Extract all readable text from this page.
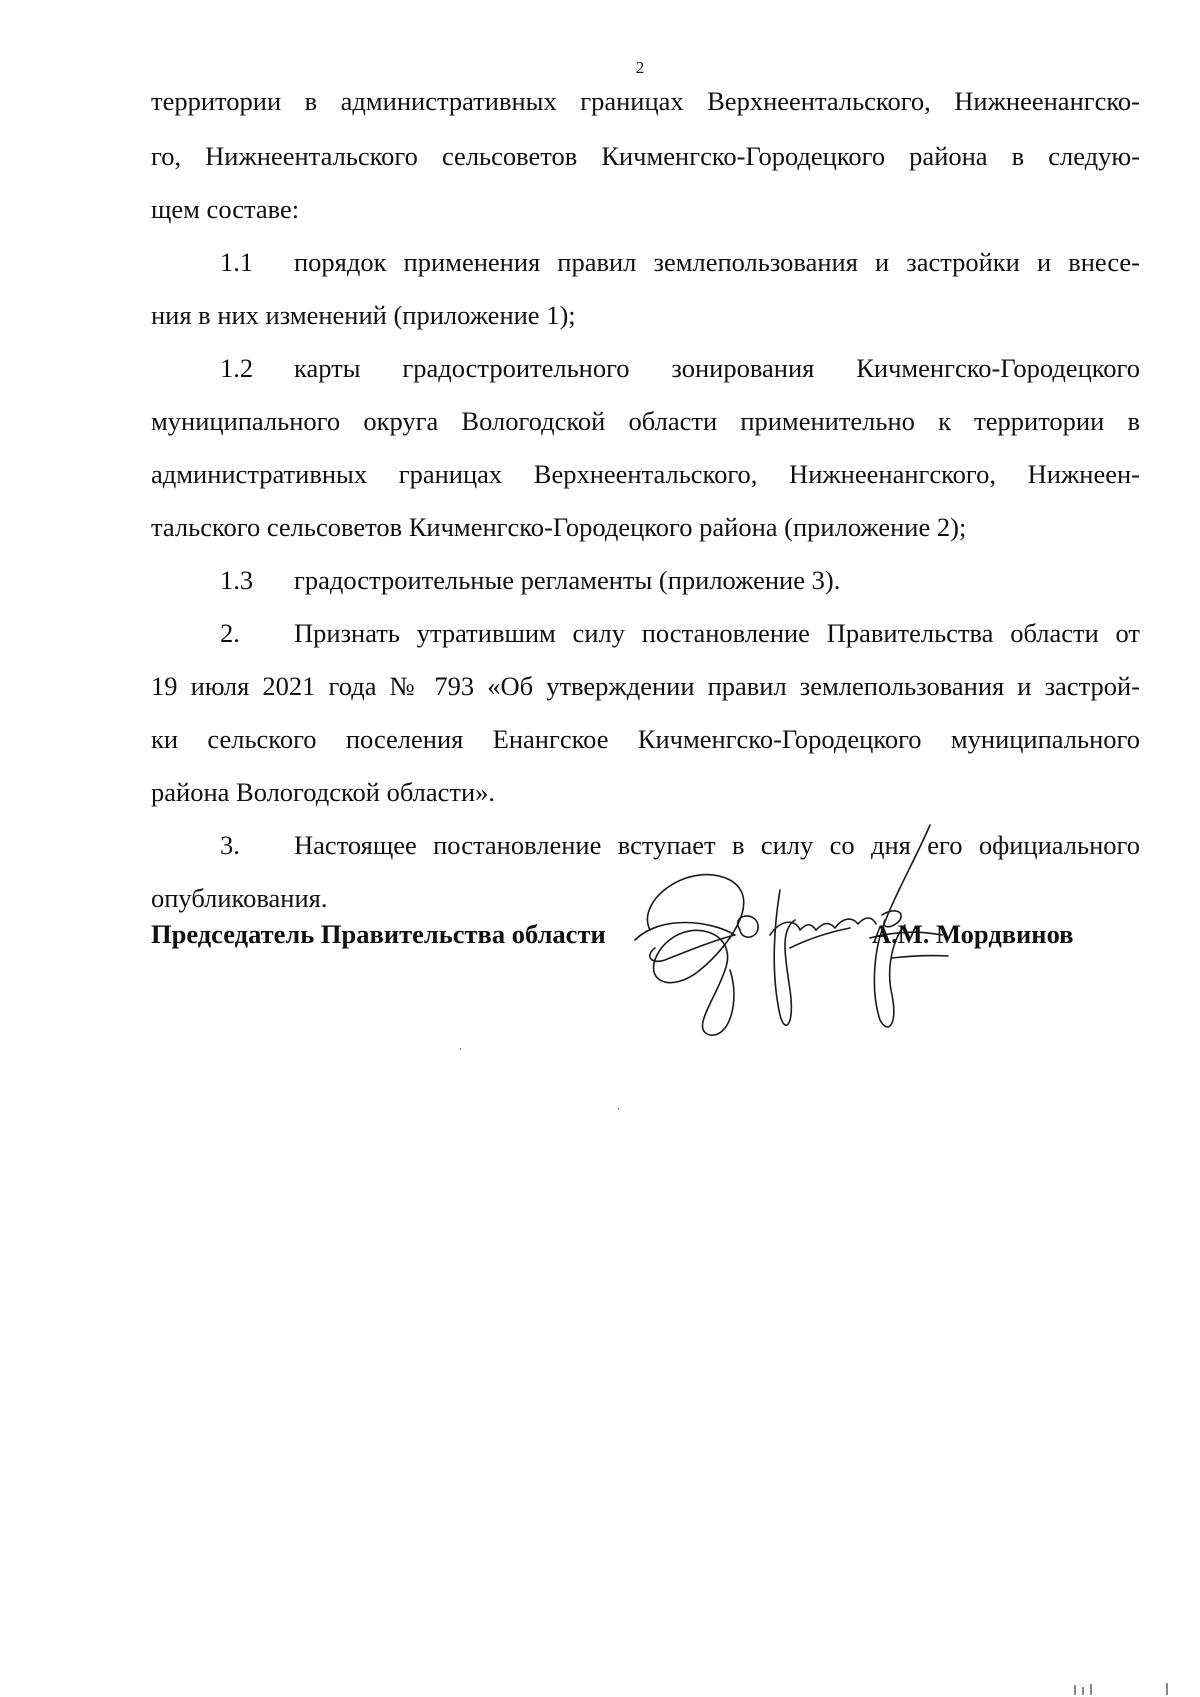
2
территории в административных границах Верхнеентальского, Нижнеенангско-
го, Нижнеентальского сельсоветов Кичменгско-Городецкого района в следую-
щем составе:
1.1 порядок применения правил землепользования и застройки и внесе-
ния в них изменений (приложение 1);
1.2 карты градостроительного зонирования Кичменгско-Городецкого
муниципального округа Вологодской области применительно к территории в
административных границах Верхнеентальского, Нижнеенангского, Нижнеен-
тальского сельсоветов Кичменгско-Городецкого района (приложение 2);
1.3 градостроительные регламенты (приложение 3).
2. Признать утратившим силу постановление Правительства области от
19 июля 2021 года № 793 «Об утверждении правил землепользования и застрой-
ки сельского поселения Енангское Кичменгско-Городецкого муниципального
района Вологодской области».
3. Настоящее постановление вступает в силу со дня его официального
опубликования.
Председатель Правительства области	А.М. Мордвинов
